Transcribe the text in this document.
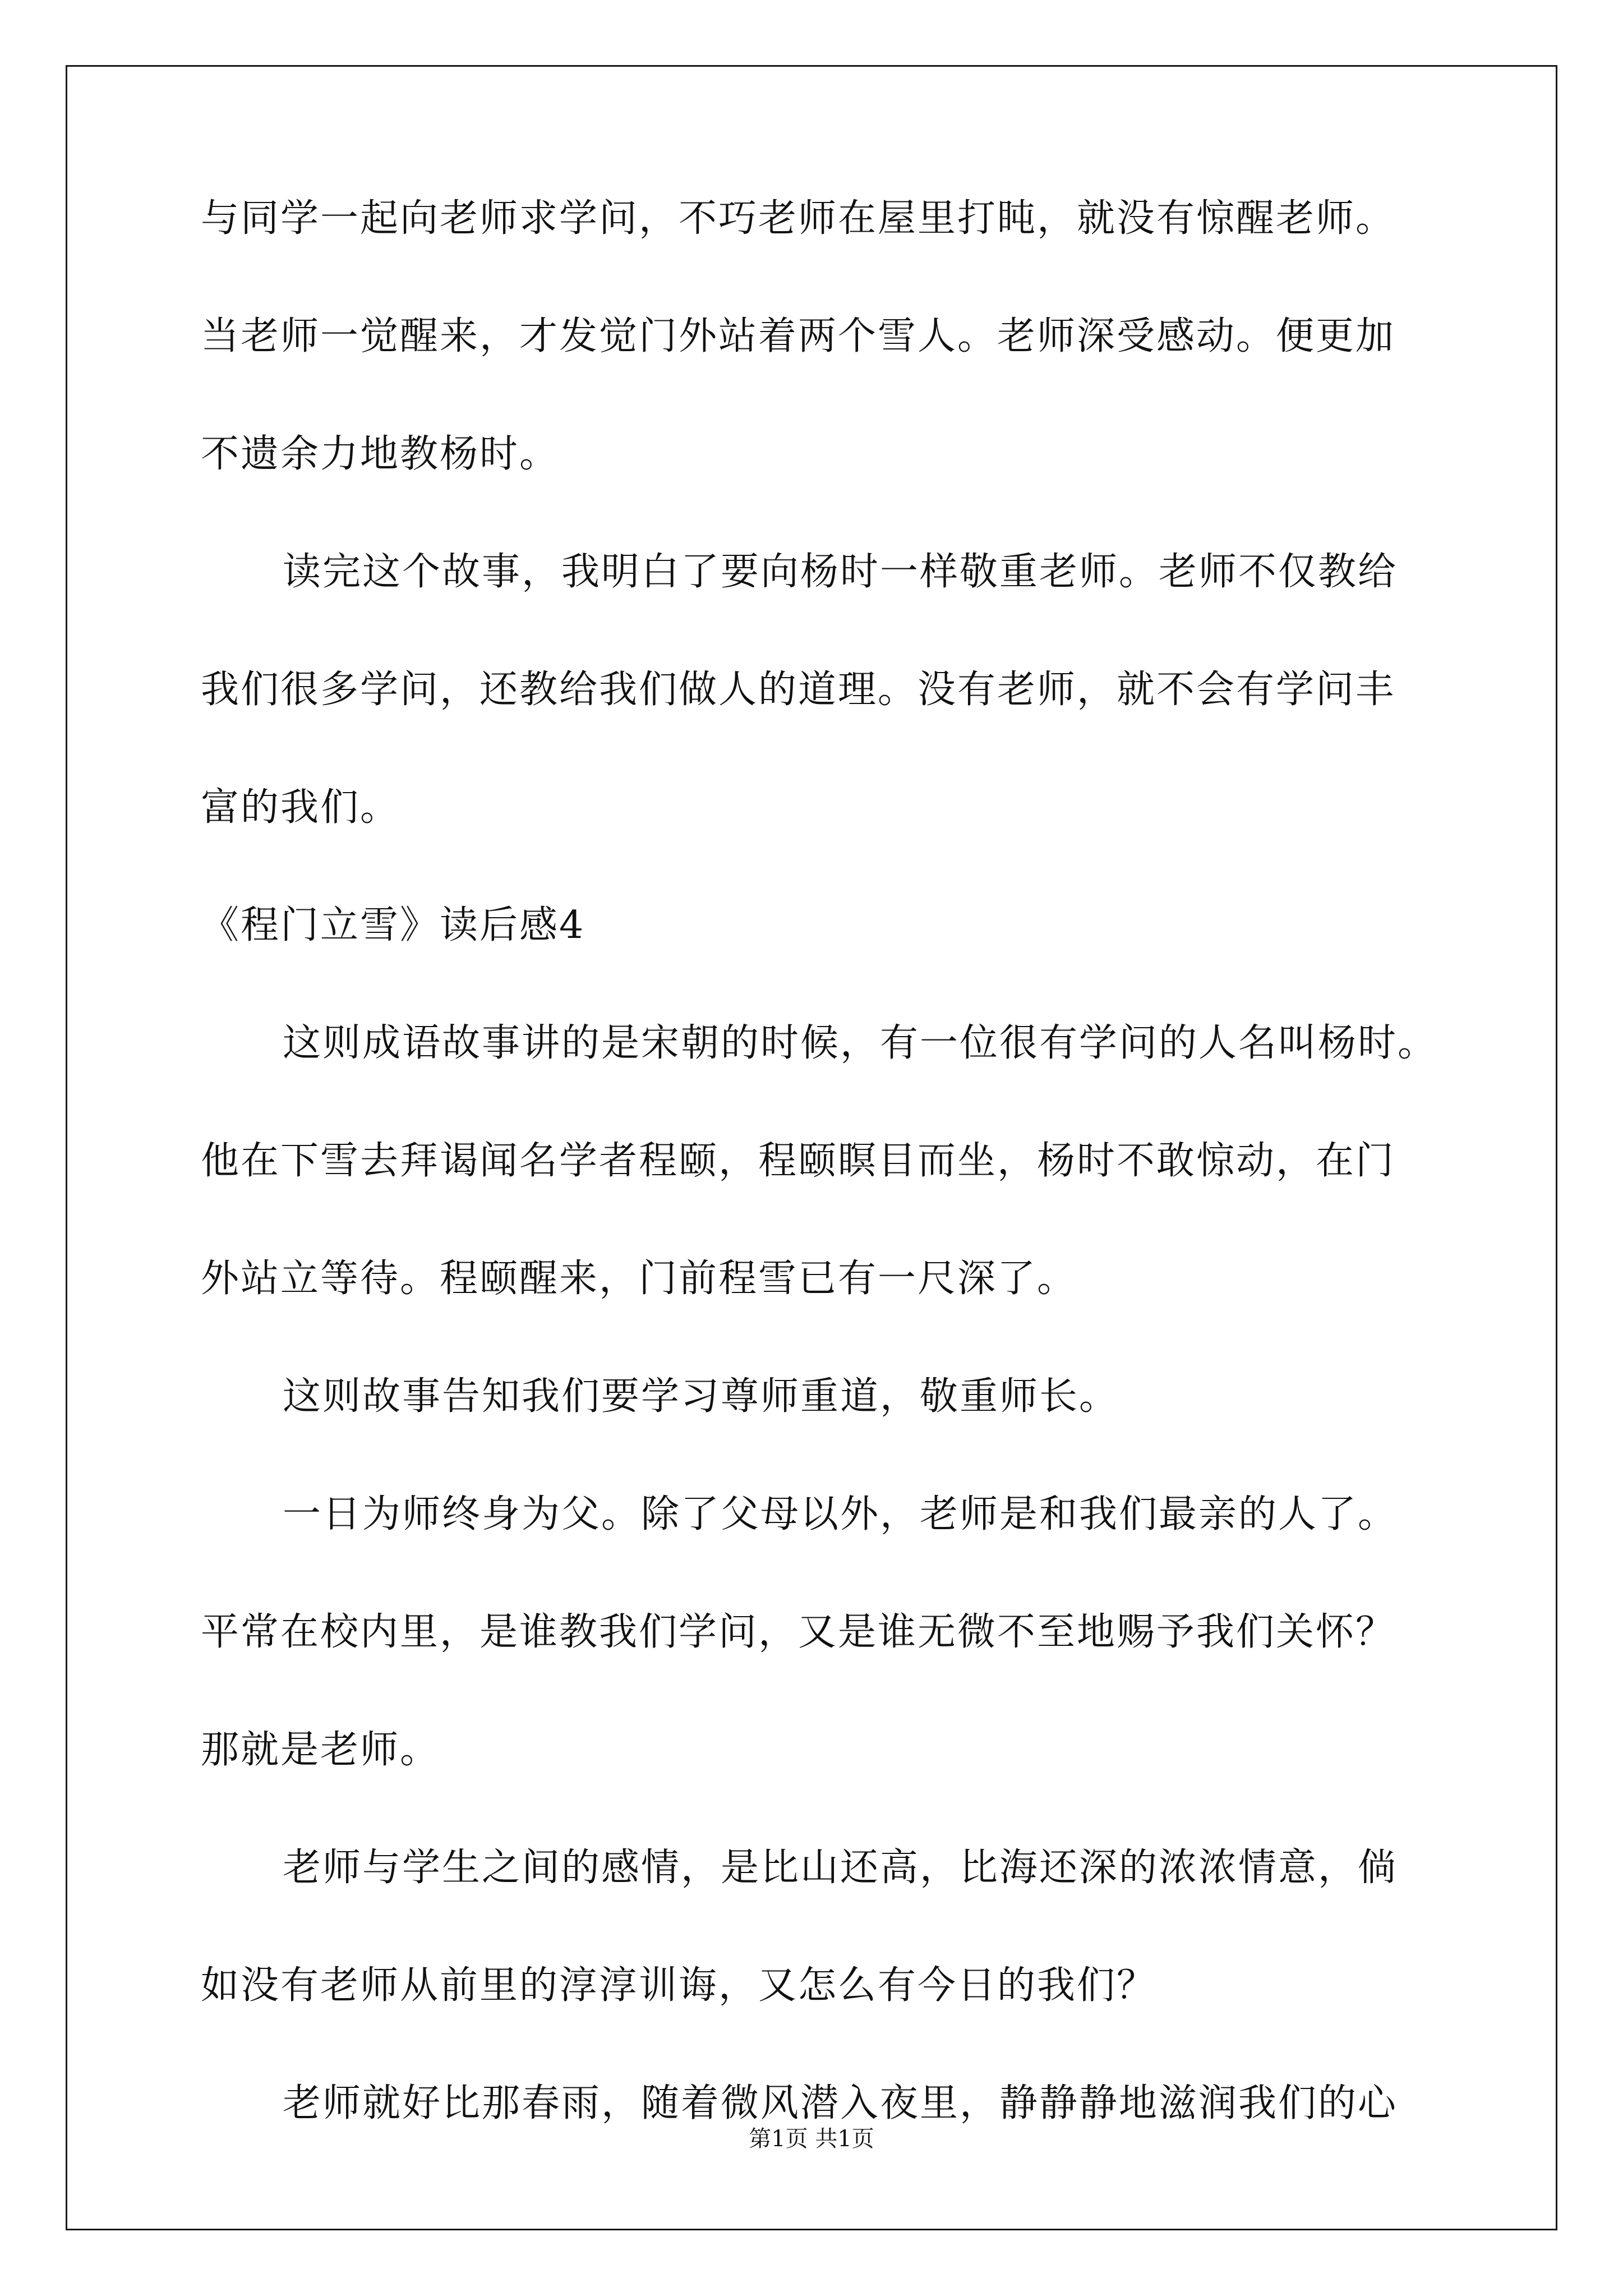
与同学一起向老师求学问，不巧老师在屋里打盹，就没有惊醒老师。
当老师一觉醒来，才发觉门外站着两个雪人。老师深受感动。便更加
不遗余力地教杨时。
读完这个故事，我明白了要向杨时一样敬重老师。老师不仅教给
我们很多学问，还教给我们做人的道理。没有老师，就不会有学问丰
富的我们。
《程门立雪》读后感4
这则成语故事讲的是宋朝的时候，有一位很有学问的人名叫杨时。
他在下雪去拜谒闻名学者程颐，程颐瞑目而坐，杨时不敢惊动，在门
外站立等待。程颐醒来，门前程雪已有一尺深了。
这则故事告知我们要学习尊师重道，敬重师长。
一日为师终身为父。除了父母以外，老师是和我们最亲的人了。
平常在校内里，是谁教我们学问，又是谁无微不至地赐予我们关怀？
那就是老师。
老师与学生之间的感情，是比山还高，比海还深的浓浓情意，倘
如没有老师从前里的淳淳训诲，又怎么有今日的我们？
老师就好比那春雨，随着微风潜入夜里，静静静地滋润我们的心
第1页 共1页
